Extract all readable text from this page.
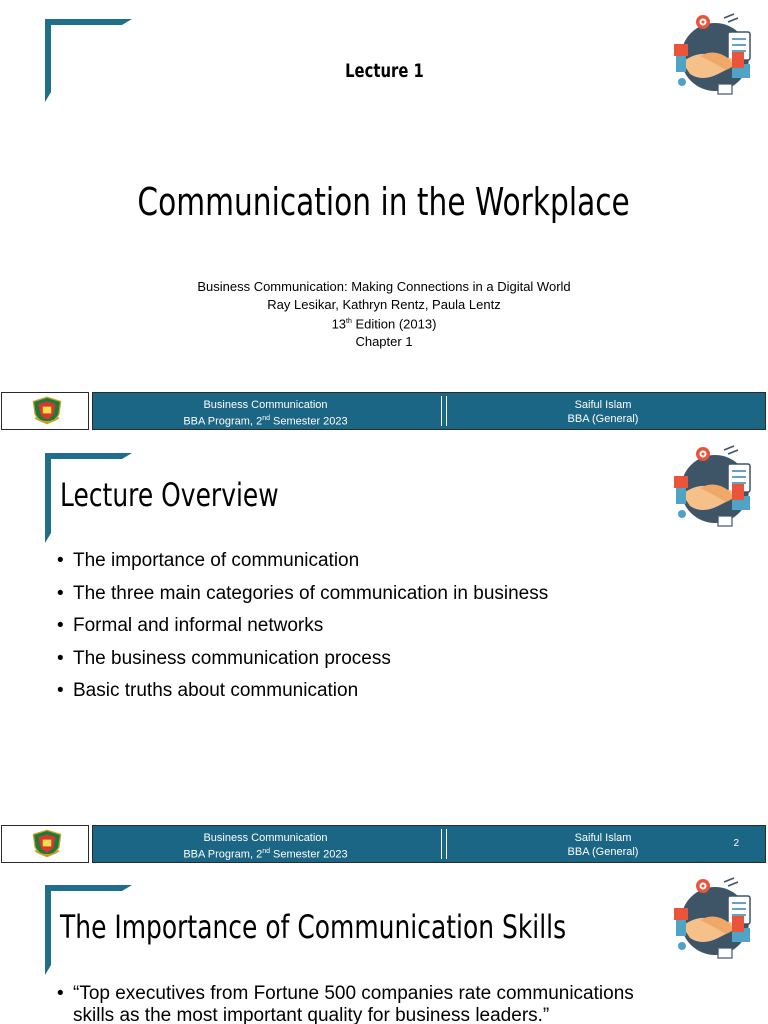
Lecture 1
Communication in the Workplace
Business Communication: Making Connections in a Digital World
Ray Lesikar, Kathryn Rentz, Paula Lentz
13th Edition (2013)
Chapter 1
Business Communication
BBA Program, 2nd Semester 2023
Saiful Islam
BBA (General)
Lecture Overview
• The importance of communication
• The three main categories of communication in business
• Formal and informal networks
• The business communication process
• Basic truths about communication
Business Communication
BBA Program, 2nd Semester 2023
Saiful Islam
BBA (General)
2
The Importance of Communication Skills
• “Top executives from Fortune 500 companies rate communications
skills as the most important quality for business leaders.”
